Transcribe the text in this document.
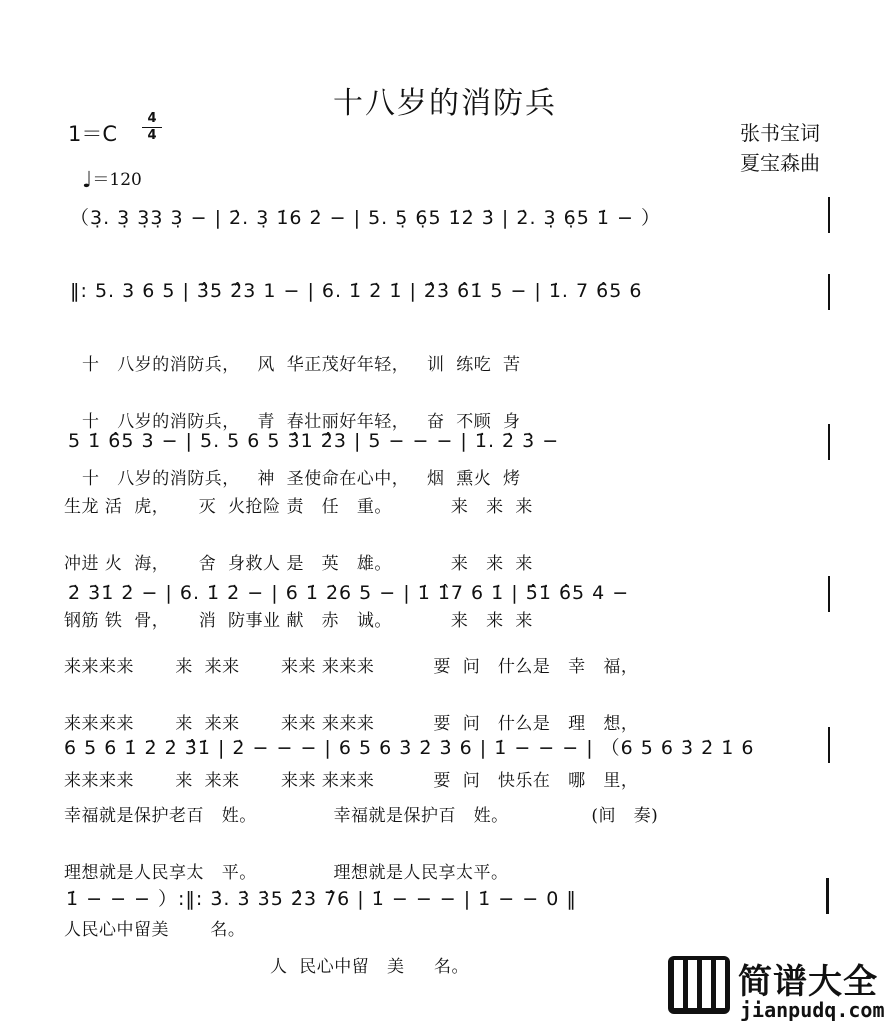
十八岁的消防兵
1＝C
4
4
♩＝120
张书宝词
夏宝森曲
（3̣. 3̣ 3̣3̣ 3̣ − | 2̇. 3̣ 1̇6 2̇ − | 5. 5̣ 6̣5 1̇2̇ 3̇ | 2̇. 3̣ 6̣5 1̇ − ）
‖: 5. 3 6 5 | 3̂5 2̂3 1 − | 6. 1̇ 2̇ 1̇ | 2̂3̇ 6̂1̇ 5 − | 1̇. 7 6̂5 6

十   八岁的消防兵，   风  华正茂好年轻，   训  练吃  苦

十   八岁的消防兵，   青  春壮丽好年轻，   奋  不顾  身

十   八岁的消防兵，   神  圣使命在心中，   烟  熏火  烤

5 1̇ 6̂5 3 − | 5. 5 6 5 3̂1 2̂3 | 5 − − − | 1̇. 2̇ 3̇ −

生龙 活  虎，     灭  火抢险 责   任   重。          来   来  来

冲进 火  海，     舍  身救人 是   英   雄。          来   来  来

钢筋 铁  骨，     消  防事业 献   赤   诚。          来   来  来

2̇ 3̇1̇ 2̇ − | 6. 1̇ 2̇ − | 6 1̇ 2̇6 5 − | 1̇ 1̂7 6 1̇ | 5̂1̇ 6̂5 4 −

来来来来       来  来来       来来 来来来          要  问   什么是   幸   福，

来来来来       来  来来       来来 来来来          要  问   什么是   理   想，

来来来来       来  来来       来来 来来来          要  问   快乐在   哪   里，

6 5 6 1̇ 2̇ 2̇ 3̂1̇ | 2̇ − − − | 6 5 6 3̇ 2̇ 3̇ 6 | 1̇ − − − | （6 5 6 3̇ 2̇ 1̇ 6

幸福就是保护老百   姓。             幸福就是保护百   姓。              (间   奏)

理想就是人民享太   平。             理想就是人民享太平。

人民心中留美       名。

1̇ − − − ）:‖: 3̇. 3̇ 3̇5 2̂3 7̂6 | 1̇ − − − | 1̇ − − 0 ‖

人  民心中留   美     名。

	简谱大全
jianpudq.com
